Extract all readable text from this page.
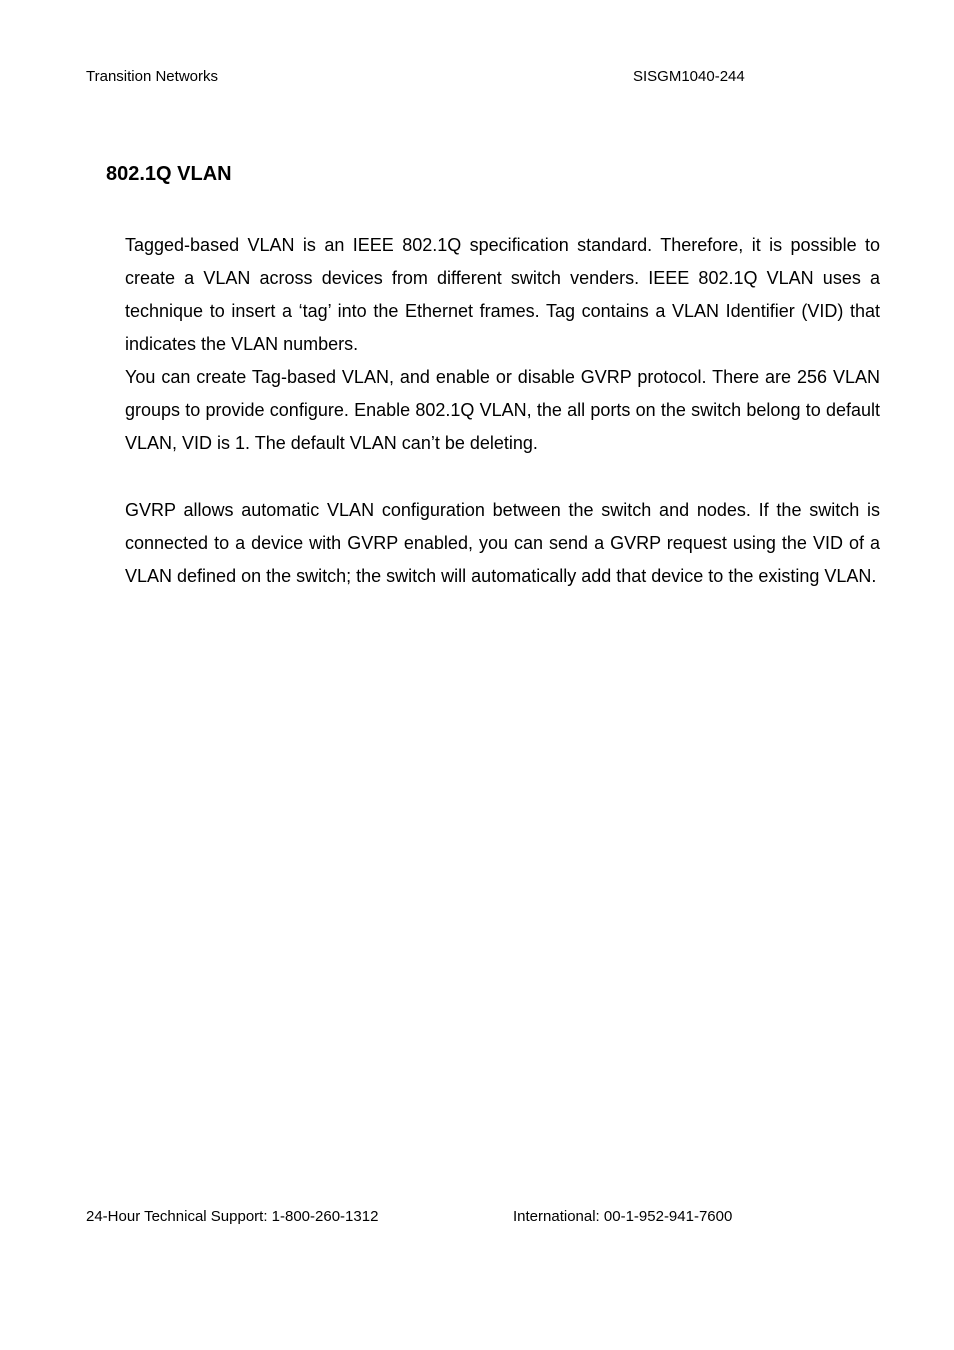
Transition Networks	SISGM1040-244
802.1Q VLAN

Tagged-based VLAN is an IEEE 802.1Q specification standard. Therefore, it is possible to create a VLAN across devices from different switch venders. IEEE 802.1Q VLAN uses a technique to insert a ‘tag’ into the Ethernet frames. Tag contains a VLAN Identifier (VID) that indicates the VLAN numbers.

You can create Tag-based VLAN, and enable or disable GVRP protocol. There are 256 VLAN groups to provide configure. Enable 802.1Q VLAN, the all ports on the switch belong to default VLAN, VID is 1. The default VLAN can’t be deleting.

GVRP allows automatic VLAN configuration between the switch and nodes. If the switch is connected to a device with GVRP enabled, you can send a GVRP request using the VID of a VLAN defined on the switch; the switch will automatically add that device to the existing VLAN.

24-Hour Technical Support: 1-800-260-1312	International: 00-1-952-941-7600
